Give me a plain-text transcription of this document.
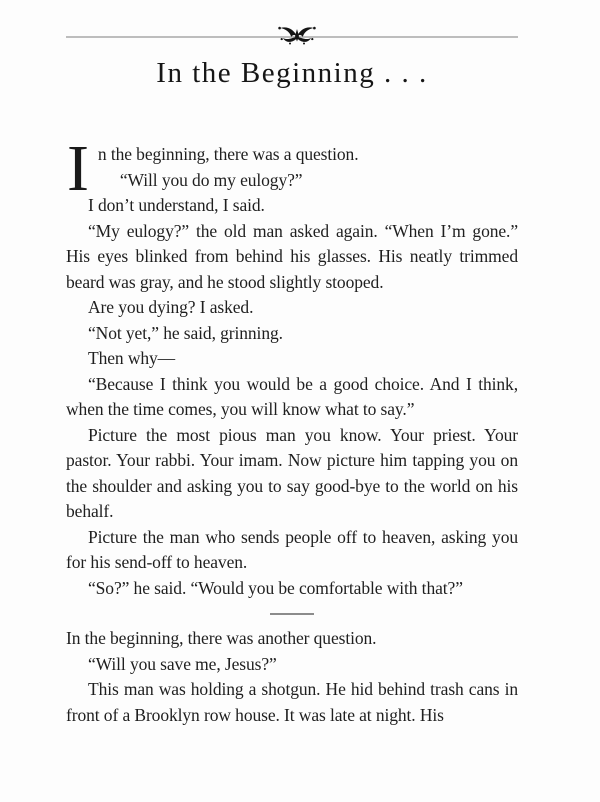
In the Beginning . . .

In the beginning, there was a question.

“Will you do my eulogy?”

I don’t understand, I said.

“My eulogy?” the old man asked again. “When I’m gone.” His eyes blinked from behind his glasses. His neatly trimmed beard was gray, and he stood slightly stooped.

Are you dying? I asked.

“Not yet,” he said, grinning.

Then why—

“Because I think you would be a good choice. And I think, when the time comes, you will know what to say.”

Picture the most pious man you know. Your priest. Your pastor. Your rabbi. Your imam. Now picture him tapping you on the shoulder and asking you to say good-bye to the world on his behalf.

Picture the man who sends people off to heaven, asking you for his send-off to heaven.

“So?” he said. “Would you be comfortable with that?”

In the beginning, there was another question.

“Will you save me, Jesus?”

This man was holding a shotgun. He hid behind trash cans in front of a Brooklyn row house. It was late at night. His
